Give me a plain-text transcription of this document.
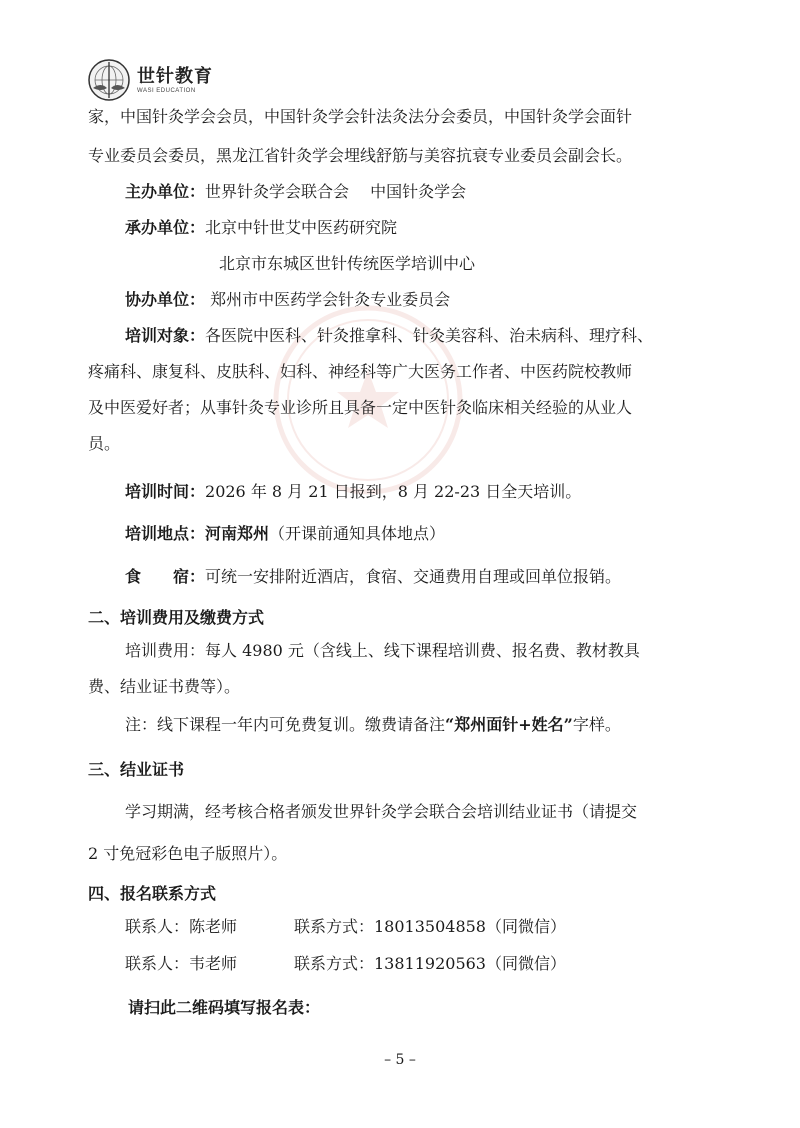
世针教育
WASI EDUCATION
家，中国针灸学会会员，中国针灸学会针法灸法分会委员，中国针灸学会面针
专业委员会委员，黑龙江省针灸学会埋线舒筋与美容抗衰专业委员会副会长。
主办单位：世界针灸学会联合会　 中国针灸学会
承办单位：北京中针世艾中医药研究院
北京市东城区世针传统医学培训中心
协办单位： 郑州市中医药学会针灸专业委员会
培训对象：各医院中医科、针灸推拿科、针灸美容科、治未病科、理疗科、
疼痛科、康复科、皮肤科、妇科、神经科等广大医务工作者、中医药院校教师
及中医爱好者；从事针灸专业诊所且具备一定中医针灸临床相关经验的从业人
员。
培训时间：2026 年 8 月 21 日报到，8 月 22-23 日全天培训。
培训地点：河南郑州（开课前通知具体地点）
食　　宿：可统一安排附近酒店，食宿、交通费用自理或回单位报销。
二、培训费用及缴费方式
培训费用：每人 4980 元（含线上、线下课程培训费、报名费、教材教具
费、结业证书费等）。
注：线下课程一年内可免费复训。缴费请备注“郑州面针+姓名”字样。
三、结业证书
学习期满，经考核合格者颁发世界针灸学会联合会培训结业证书（请提交
2 寸免冠彩色电子版照片）。
四、报名联系方式
联系人：陈老师	联系方式：18013504858（同微信）
联系人：韦老师	联系方式：13811920563（同微信）
请扫此二维码填写报名表：
– 5 –
